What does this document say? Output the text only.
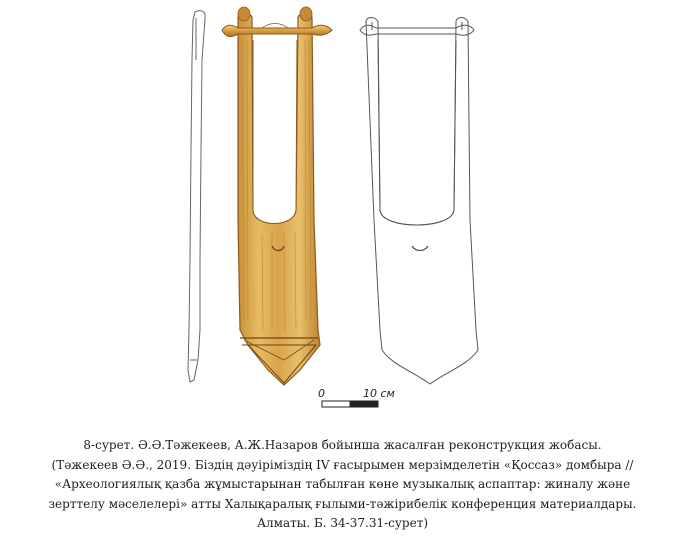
0	10 см
8-сурет. Ә.Ә.Тәжекеев, А.Ж.Назаров бойынша жасалған реконструкция жобасы.
(Тәжекеев Ә.Ә., 2019. Біздің дәуіріміздің IV ғасырымен мерзімделетін «Қоссаз» домбыра //
«Археологиялық қазба жұмыстарынан табылған көне музыкалық аспаптар: жиналу және
зерттелу мәселелері» атты Халықаралық ғылыми-тәжірибелік конференция материалдары.
Алматы. Б. 34-37.31-сурет)
